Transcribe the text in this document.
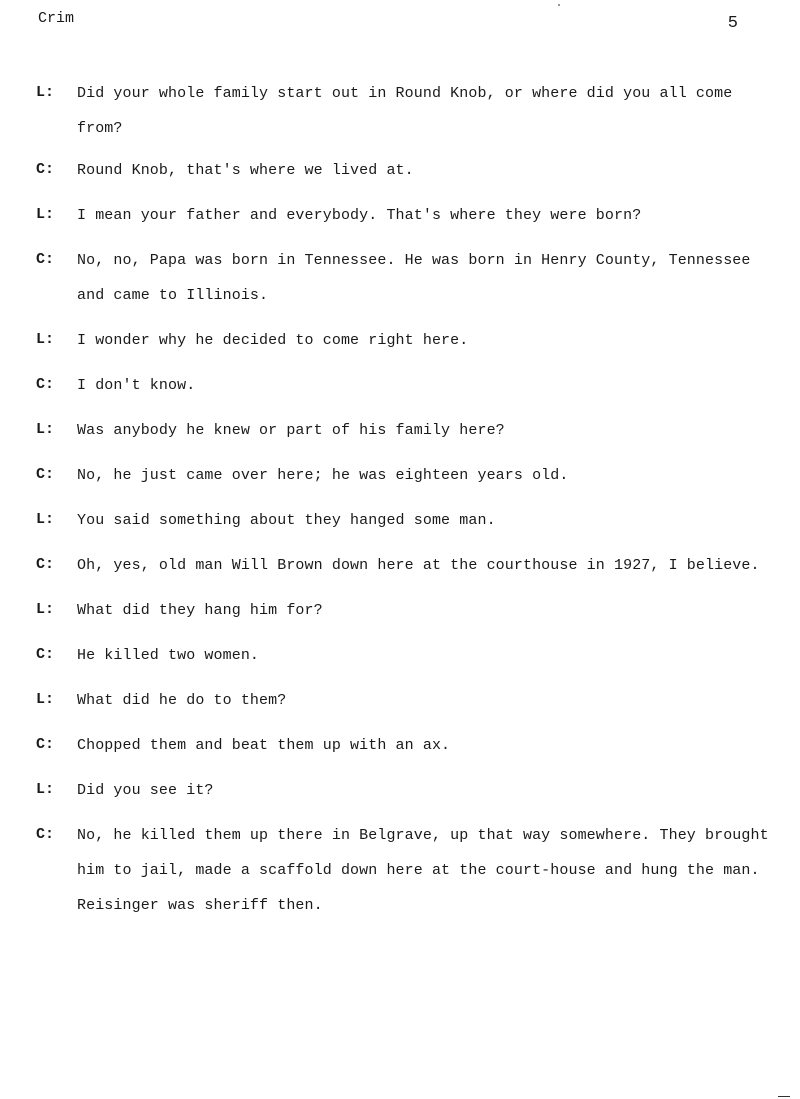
Crim	5
L:	Did your whole family start out in Round Knob, or where did you all come from?
C:	Round Knob, that's where we lived at.
L:	I mean your father and everybody. That's where they were born?
C:	No, no, Papa was born in Tennessee. He was born in Henry County, Tennessee and came to Illinois.
L:	I wonder why he decided to come right here.
C:	I don't know.
L:	Was anybody he knew or part of his family here?
C:	No, he just came over here; he was eighteen years old.
L:	You said something about they hanged some man.
C:	Oh, yes, old man Will Brown down here at the courthouse in 1927, I believe.
L:	What did they hang him for?
C:	He killed two women.
L:	What did he do to them?
C:	Chopped them and beat them up with an ax.
L:	Did you see it?
C:	No, he killed them up there in Belgrave, up that way somewhere. They brought him to jail, made a scaffold down here at the court-house and hung the man. Reisinger was sheriff then.
